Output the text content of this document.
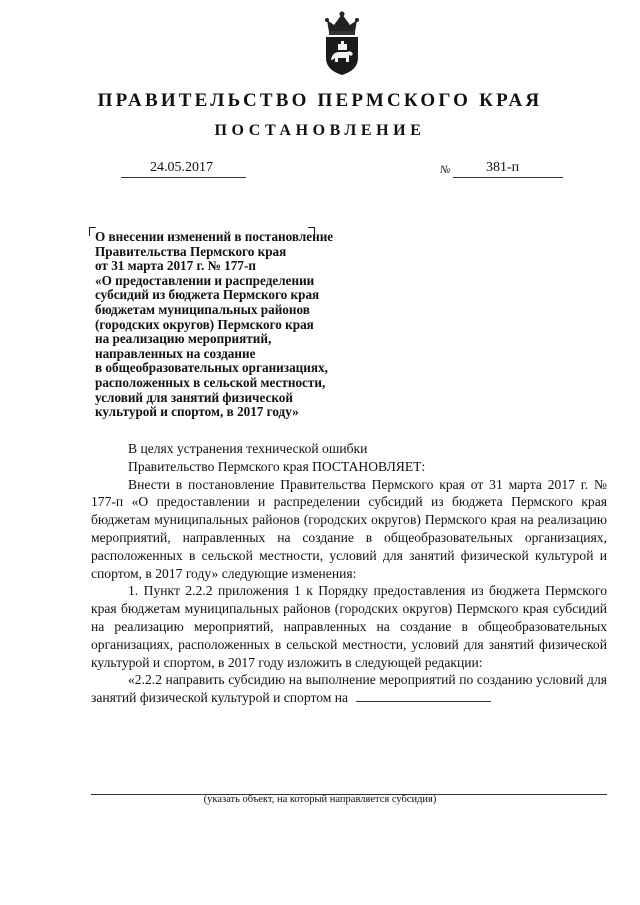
ПРАВИТЕЛЬСТВО ПЕРМСКОГО КРАЯ
ПОСТАНОВЛЕНИЕ
24.05.2017	№	381-п
О внесении изменений в постановление
Правительства Пермского края
от 31 марта 2017 г. № 177-п
«О предоставлении и распределении
субсидий из бюджета Пермского края
бюджетам муниципальных районов
(городских округов) Пермского края
на реализацию мероприятий,
направленных на создание
в общеобразовательных организациях,
расположенных в сельской местности,
условий для занятий физической
культурой и спортом, в 2017 году»

В целях устранения технической ошибки

Правительство Пермского края ПОСТАНОВЛЯЕТ:

Внести в постановление Правительства Пермского края от 31 марта 2017 г. № 177-п «О предоставлении и распределении субсидий из бюджета Пермского края бюджетам муниципальных районов (городских округов) Пермского края на реализацию мероприятий, направленных на создание в общеобразовательных организациях, расположенных в сельской местности, условий для занятий физической культурой и спортом, в 2017 году» следующие изменения:

1. Пункт 2.2.2 приложения 1 к Порядку предоставления из бюджета Пермского края бюджетам муниципальных районов (городских округов) Пермского края субсидий на реализацию мероприятий, направленных на создание в общеобразовательных организациях, расположенных в сельской местности, условий для занятий физической культурой и спортом, в 2017 году изложить в следующей редакции:

«2.2.2 направить субсидию на выполнение мероприятий по созданию условий для занятий физической культурой и спортом на

(указать объект, на который направляется субсидия)
